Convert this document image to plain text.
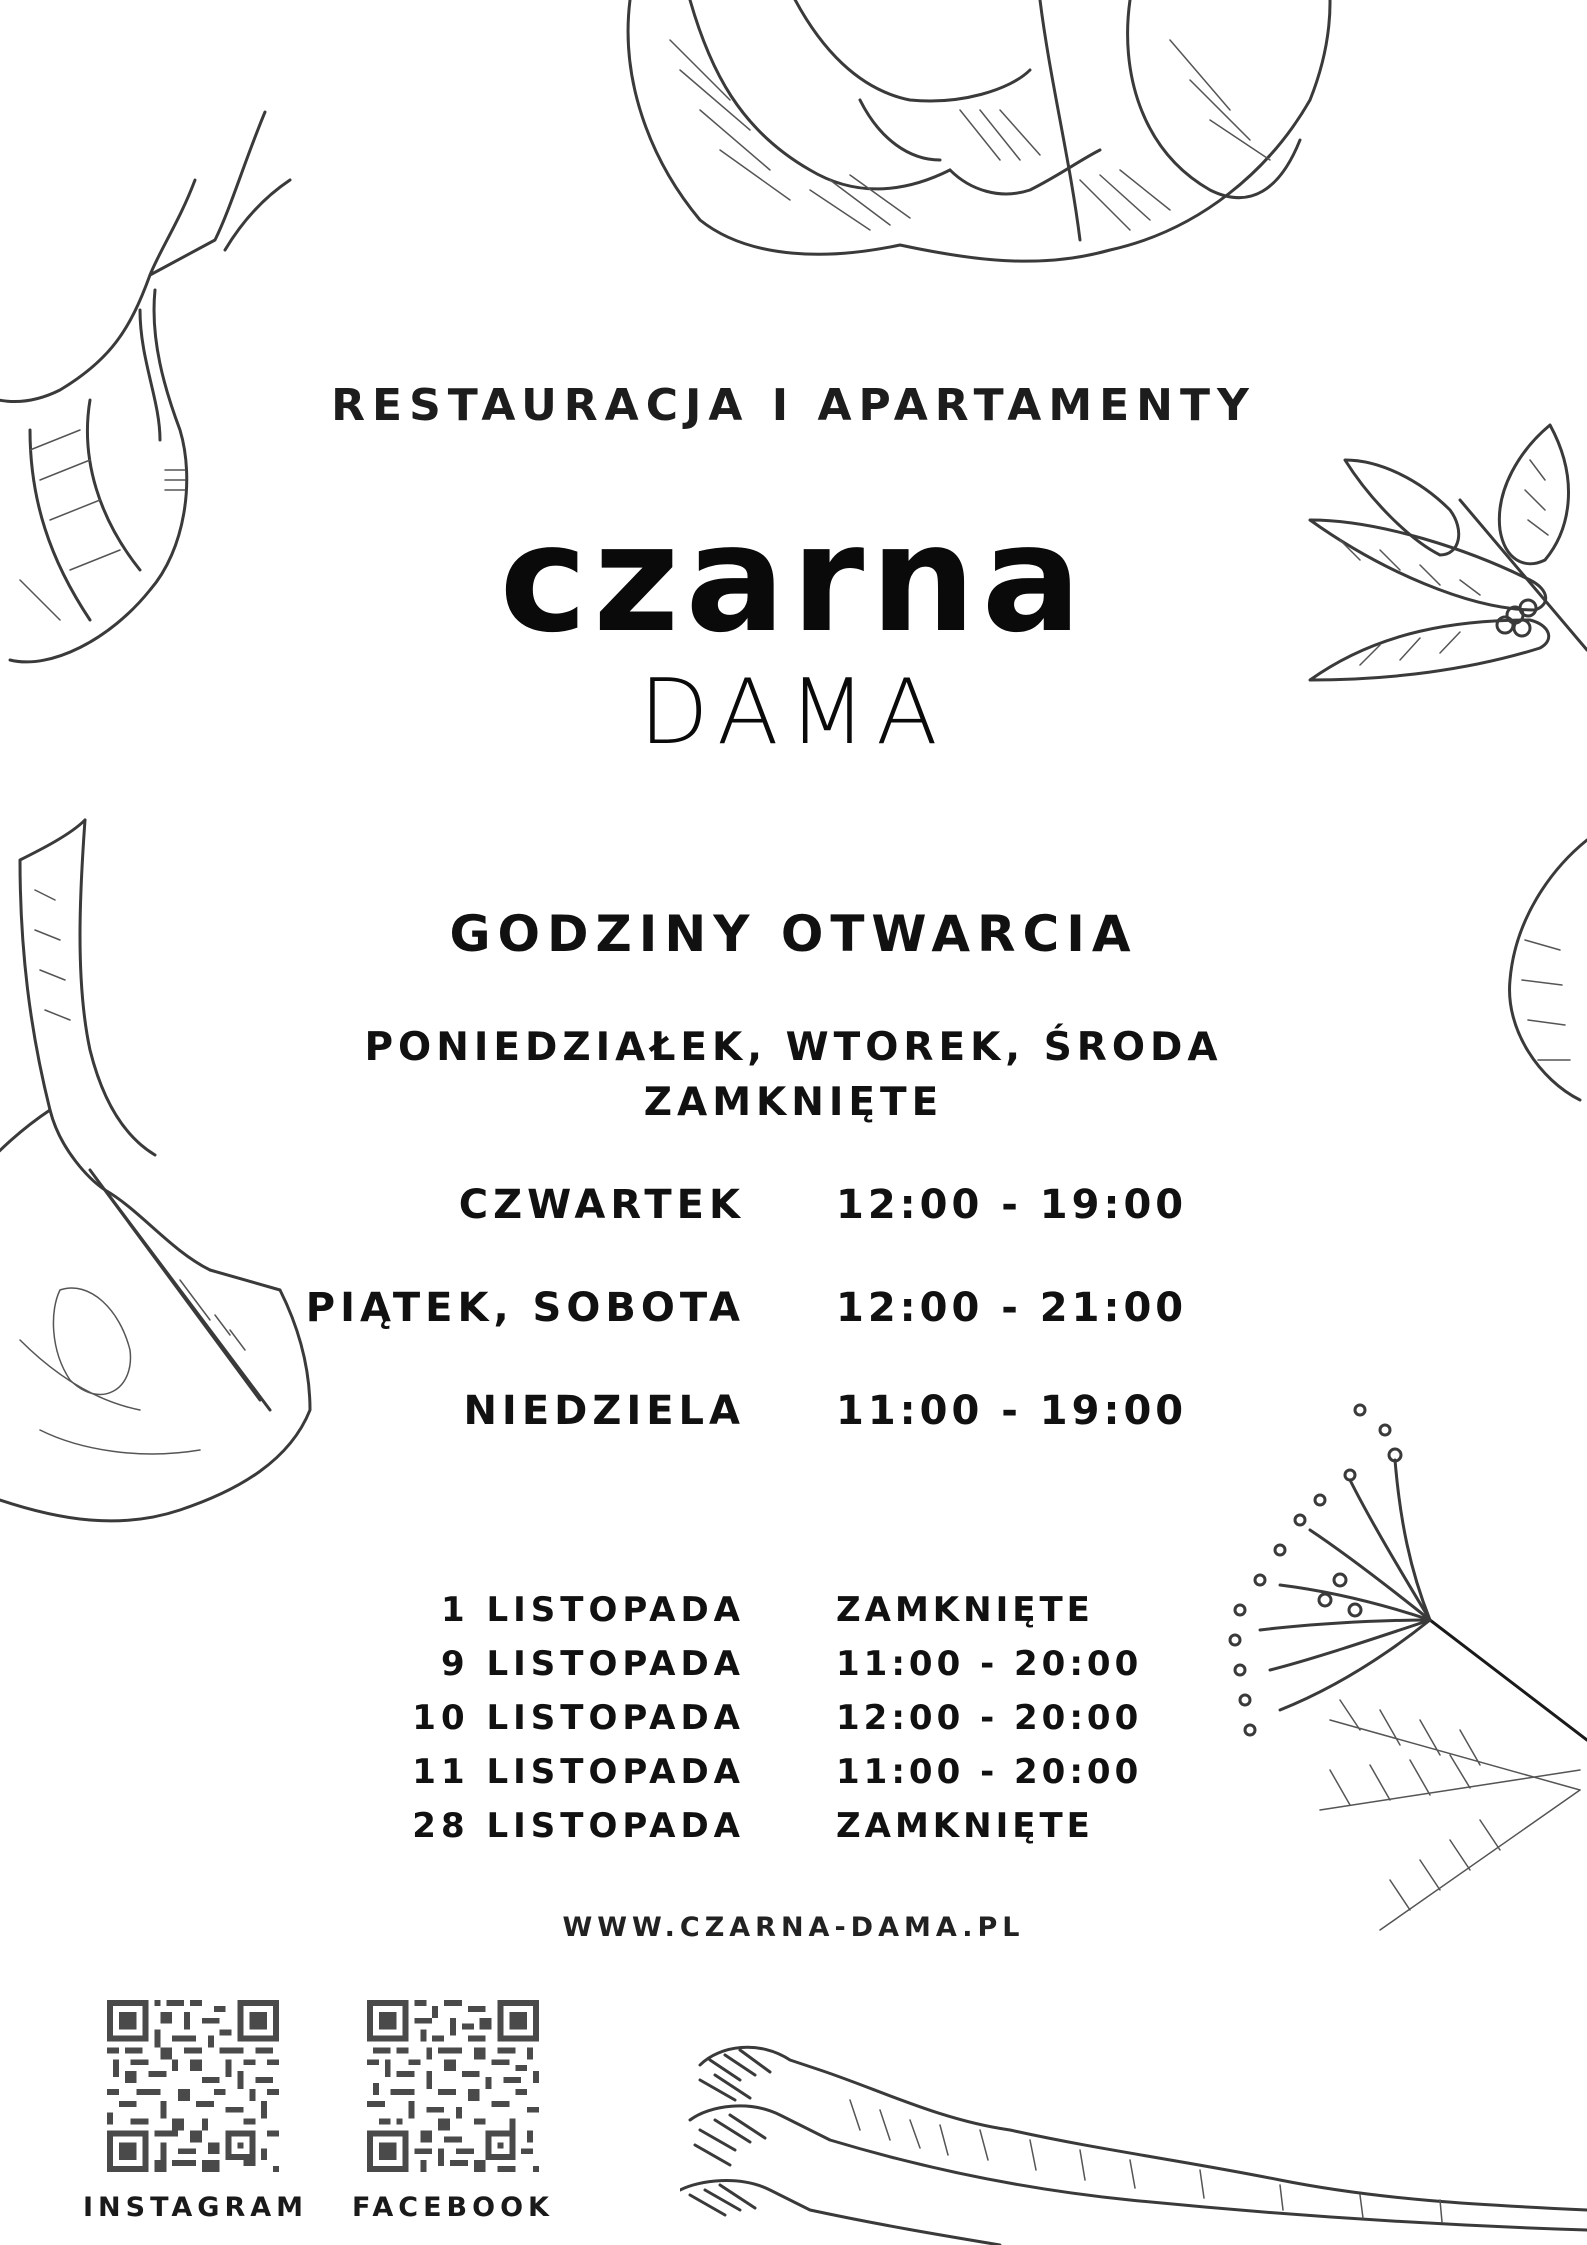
RESTAURACJA I APARTAMENTY
czarna
DAMA
GODZINY OTWARCIA
PONIEDZIAŁEK, WTOREK, ŚRODA
ZAMKNIĘTE
CZWARTEK 12:00 - 19:00
PIĄTEK, SOBOTA 12:00 - 21:00
NIEDZIELA 11:00 - 19:00
1 LISTOPADA	ZAMKNIĘTE
9 LISTOPADA	11:00 - 20:00
10 LISTOPADA	12:00 - 20:00
11 LISTOPADA	11:00 - 20:00
28 LISTOPADA	ZAMKNIĘTE
WWW.CZARNA-DAMA.PL
INSTAGRAM	FACEBOOK
